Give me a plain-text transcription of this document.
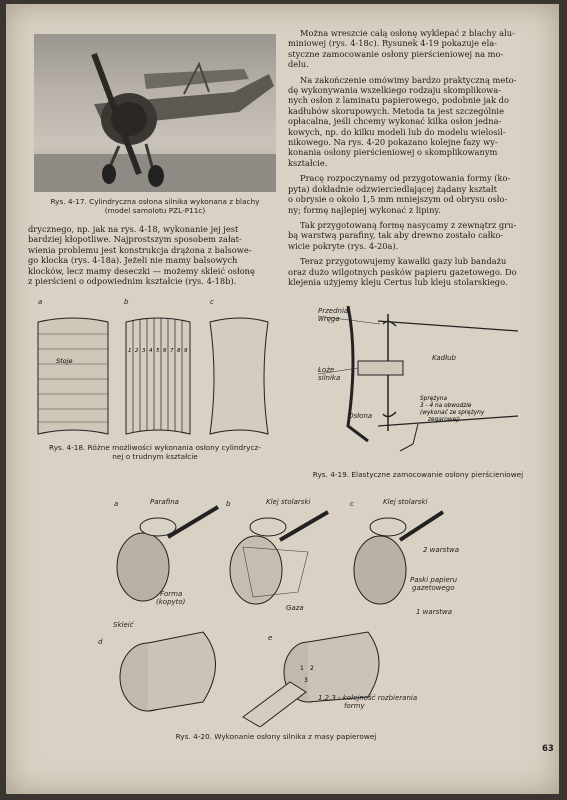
Rys. 4-17. Cylindryczna osłona silnika wykonana z blachy
(model samolotu PZL-P11c)

drycznego, np. jak na rys. 4-18, wykonanie jej jest

bardziej kłopotliwe. Najprostszym sposobem załat-

wienia problemu jest konstrukcja drążona z balsowe-

go klocka (rys. 4-18a). Jeżeli nie mamy balsowych

klocków, lecz mamy deseczki — możemy skleić osłonę

z pierścieni o odpowiednim kształcie (rys. 4-18b).

a	b	c
Stoje
1 2 3 4 5 6 7 8 9
Rys. 4-18. Różne możliwości wykonania osłony cylindrycz-
nej o trudnym kształcie

Można wreszcie całą osłonę wyklepać z blachy alu-

miniowej (rys. 4-18c). Rysunek 4-19 pokazuje ela-

styczne zamocowanie osłony pierścieniowej na mo-

delu.

Na zakończenie omówimy bardzo praktyczną meto-

dę wykonywania wszelkiego rodzaju skomplikowa-

nych osłon z laminatu papierowego, podobnie jak do

kadłubów skorupowych. Metoda ta jest szczególnie

opłacalna, jeśli chcemy wykonać kilka osłon jedna-

kowych, np. do kilku modeli lub do modelu wielosil-

nikowego. Na rys. 4-20 pokazano kolejne fazy wy-

konania osłony pierścieniowej o skomplikowanym

kształcie.

Pracę rozpoczynamy od przygotowania formy (ko-

pyta) dokładnie odzwierciedlającej żądany kształt

o obrysie o około 1,5 mm mniejszym od obrysu osło-

ny; formę najlepiej wykonać z lipiny.

Tak przygotowaną formę nasycamy z zewnątrz gru-

bą warstwą parafiny, tak aby drewno zostało całko-

wicie pokryte (rys. 4-20a).

Teraz przygotowujemy kawałki gazy lub bandażu

oraz dużo wilgotnych pasków papieru gazetowego. Do

klejenia użyjemy kleju Certus lub kleju stolarskiego.

Przednia
wręga
Kadłub
Łoże
silnika
Osłona
Sprężyna
3 - 4 na obwodzie
(wykonać ze sprężyny
zegarowej)
Rys. 4-19. Elastyczne zamocowanie osłony pierścieniowej
a	Parafina
Forma
(kopyto)
b	Klej stolarski
Gaza
c	Klej stolarski
2 warstwa
Paski papieru
gazetowego
1 warstwa
d
Skleić
e
1 2
3
1,2,3 - kolejność rozbierania
formy
Rys. 4-20. Wykonanie osłony silnika z masy papierowej
63
